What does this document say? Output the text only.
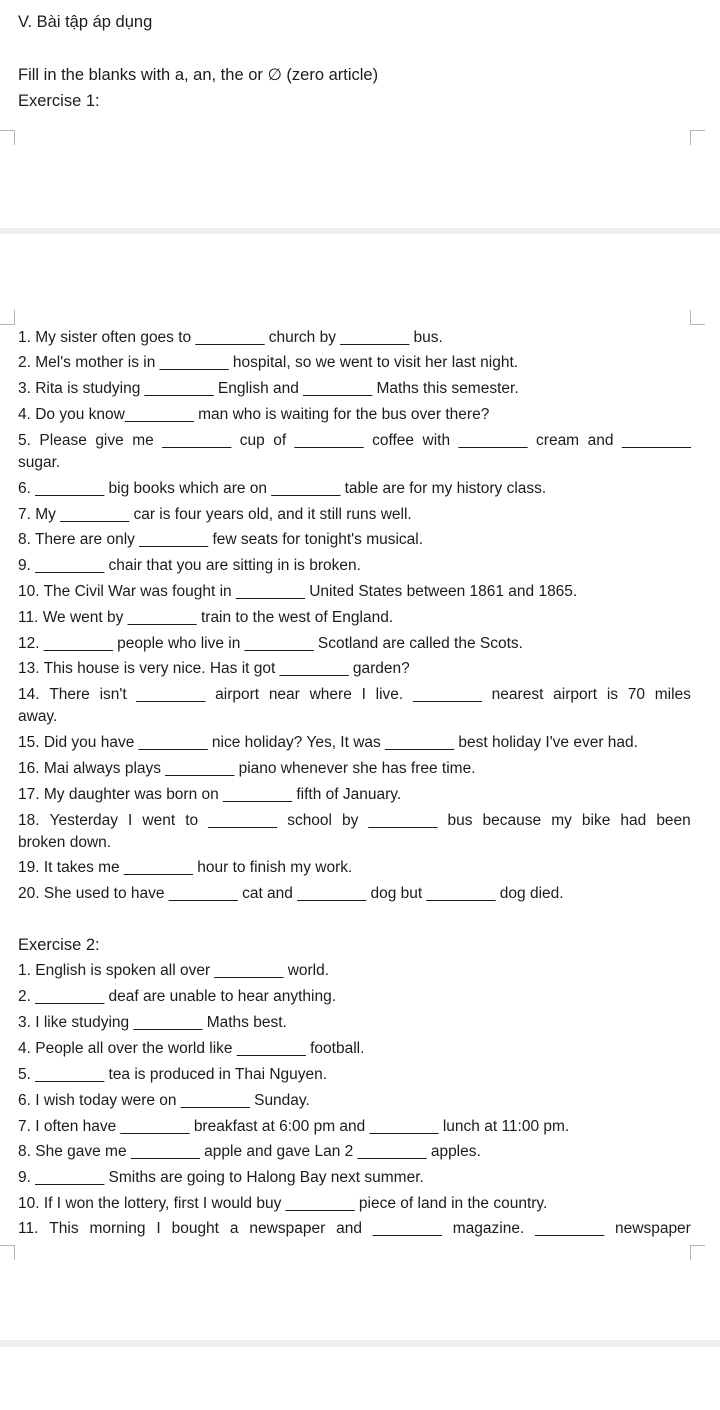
V. Bài tập áp dụng
Fill in the blanks with a, an, the or ∅ (zero article)
Exercise 1:
1. My sister often goes to ________ church by ________ bus.
2. Mel's mother is in ________ hospital, so we went to visit her last night.
3. Rita is studying ________ English and ________ Maths this semester.
4. Do you know________ man who is waiting for the bus over there?
5. Please give me ________ cup of ________ coffee with ________ cream and ________
sugar.
6. ________ big books which are on ________ table are for my history class.
7. My ________ car is four years old, and it still runs well.
8. There are only ________ few seats for tonight's musical.
9. ________ chair that you are sitting in is broken.
10. The Civil War was fought in ________ United States between 1861 and 1865.
11. We went by ________ train to the west of England.
12. ________ people who live in ________ Scotland are called the Scots.
13. This house is very nice. Has it got ________ garden?
14. There isn't ________ airport near where I live. ________ nearest airport is 70 miles
away.
15. Did you have ________ nice holiday? Yes, It was ________ best holiday I've ever had.
16. Mai always plays ________ piano whenever she has free time.
17. My daughter was born on ________ fifth of January.
18. Yesterday I went to ________ school by ________ bus because my bike had been
broken down.
19. It takes me ________ hour to finish my work.
20. She used to have ________ cat and ________ dog but ________ dog died.
Exercise 2:
1. English is spoken all over ________ world.
2. ________ deaf are unable to hear anything.
3. I like studying ________ Maths best.
4. People all over the world like ________ football.
5. ________ tea is produced in Thai Nguyen.
6. I wish today were on ________ Sunday.
7. I often have ________ breakfast at 6:00 pm and ________ lunch at 11:00 pm.
8. She gave me ________ apple and gave Lan 2 ________ apples.
9. ________ Smiths are going to Halong Bay next summer.
10. If I won the lottery, first I would buy ________ piece of land in the country.
11. This morning I bought a newspaper and ________ magazine. ________ newspaper
